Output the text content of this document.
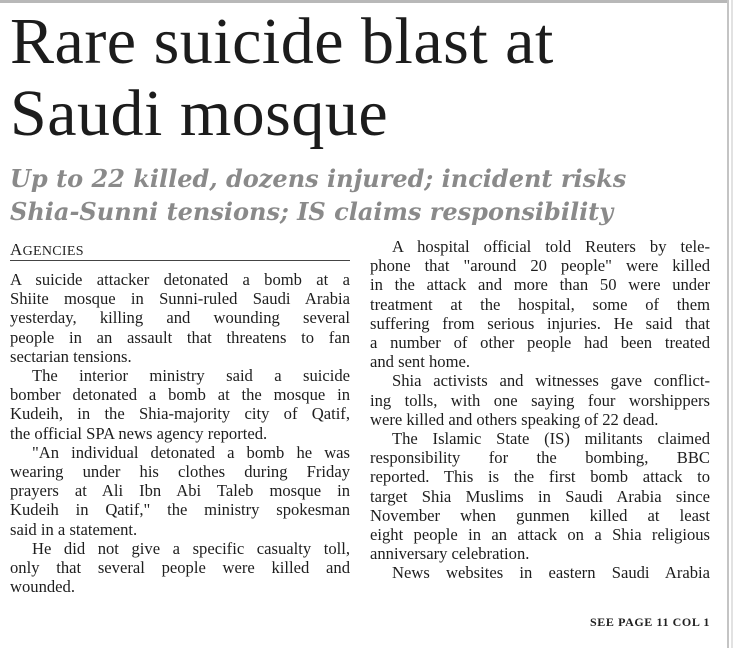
Rare suicide blast at
Saudi mosque
Up to 22 killed, dozens injured; incident risks
Shia-Sunni tensions; IS claims responsibility
AGENCIES
A suicide attacker detonated a bomb at a
Shiite mosque in Sunni-ruled Saudi Arabia
yesterday, killing and wounding several
people in an assault that threatens to fan
sectarian tensions.
The interior ministry said a suicide
bomber detonated a bomb at the mosque in
Kudeih, in the Shia-majority city of Qatif,
the official SPA news agency reported.
"An individual detonated a bomb he was
wearing under his clothes during Friday
prayers at Ali Ibn Abi Taleb mosque in
Kudeih in Qatif," the ministry spokesman
said in a statement.
He did not give a specific casualty toll,
only that several people were killed and
wounded.
A hospital official told Reuters by tele-
phone that "around 20 people" were killed
in the attack and more than 50 were under
treatment at the hospital, some of them
suffering from serious injuries. He said that
a number of other people had been treated
and sent home.
Shia activists and witnesses gave conflict-
ing tolls, with one saying four worshippers
were killed and others speaking of 22 dead.
The Islamic State (IS) militants claimed
responsibility for the bombing, BBC
reported. This is the first bomb attack to
target Shia Muslims in Saudi Arabia since
November when gunmen killed at least
eight people in an attack on a Shia religious
anniversary celebration.
News websites in eastern Saudi Arabia
SEE PAGE 11 COL 1
